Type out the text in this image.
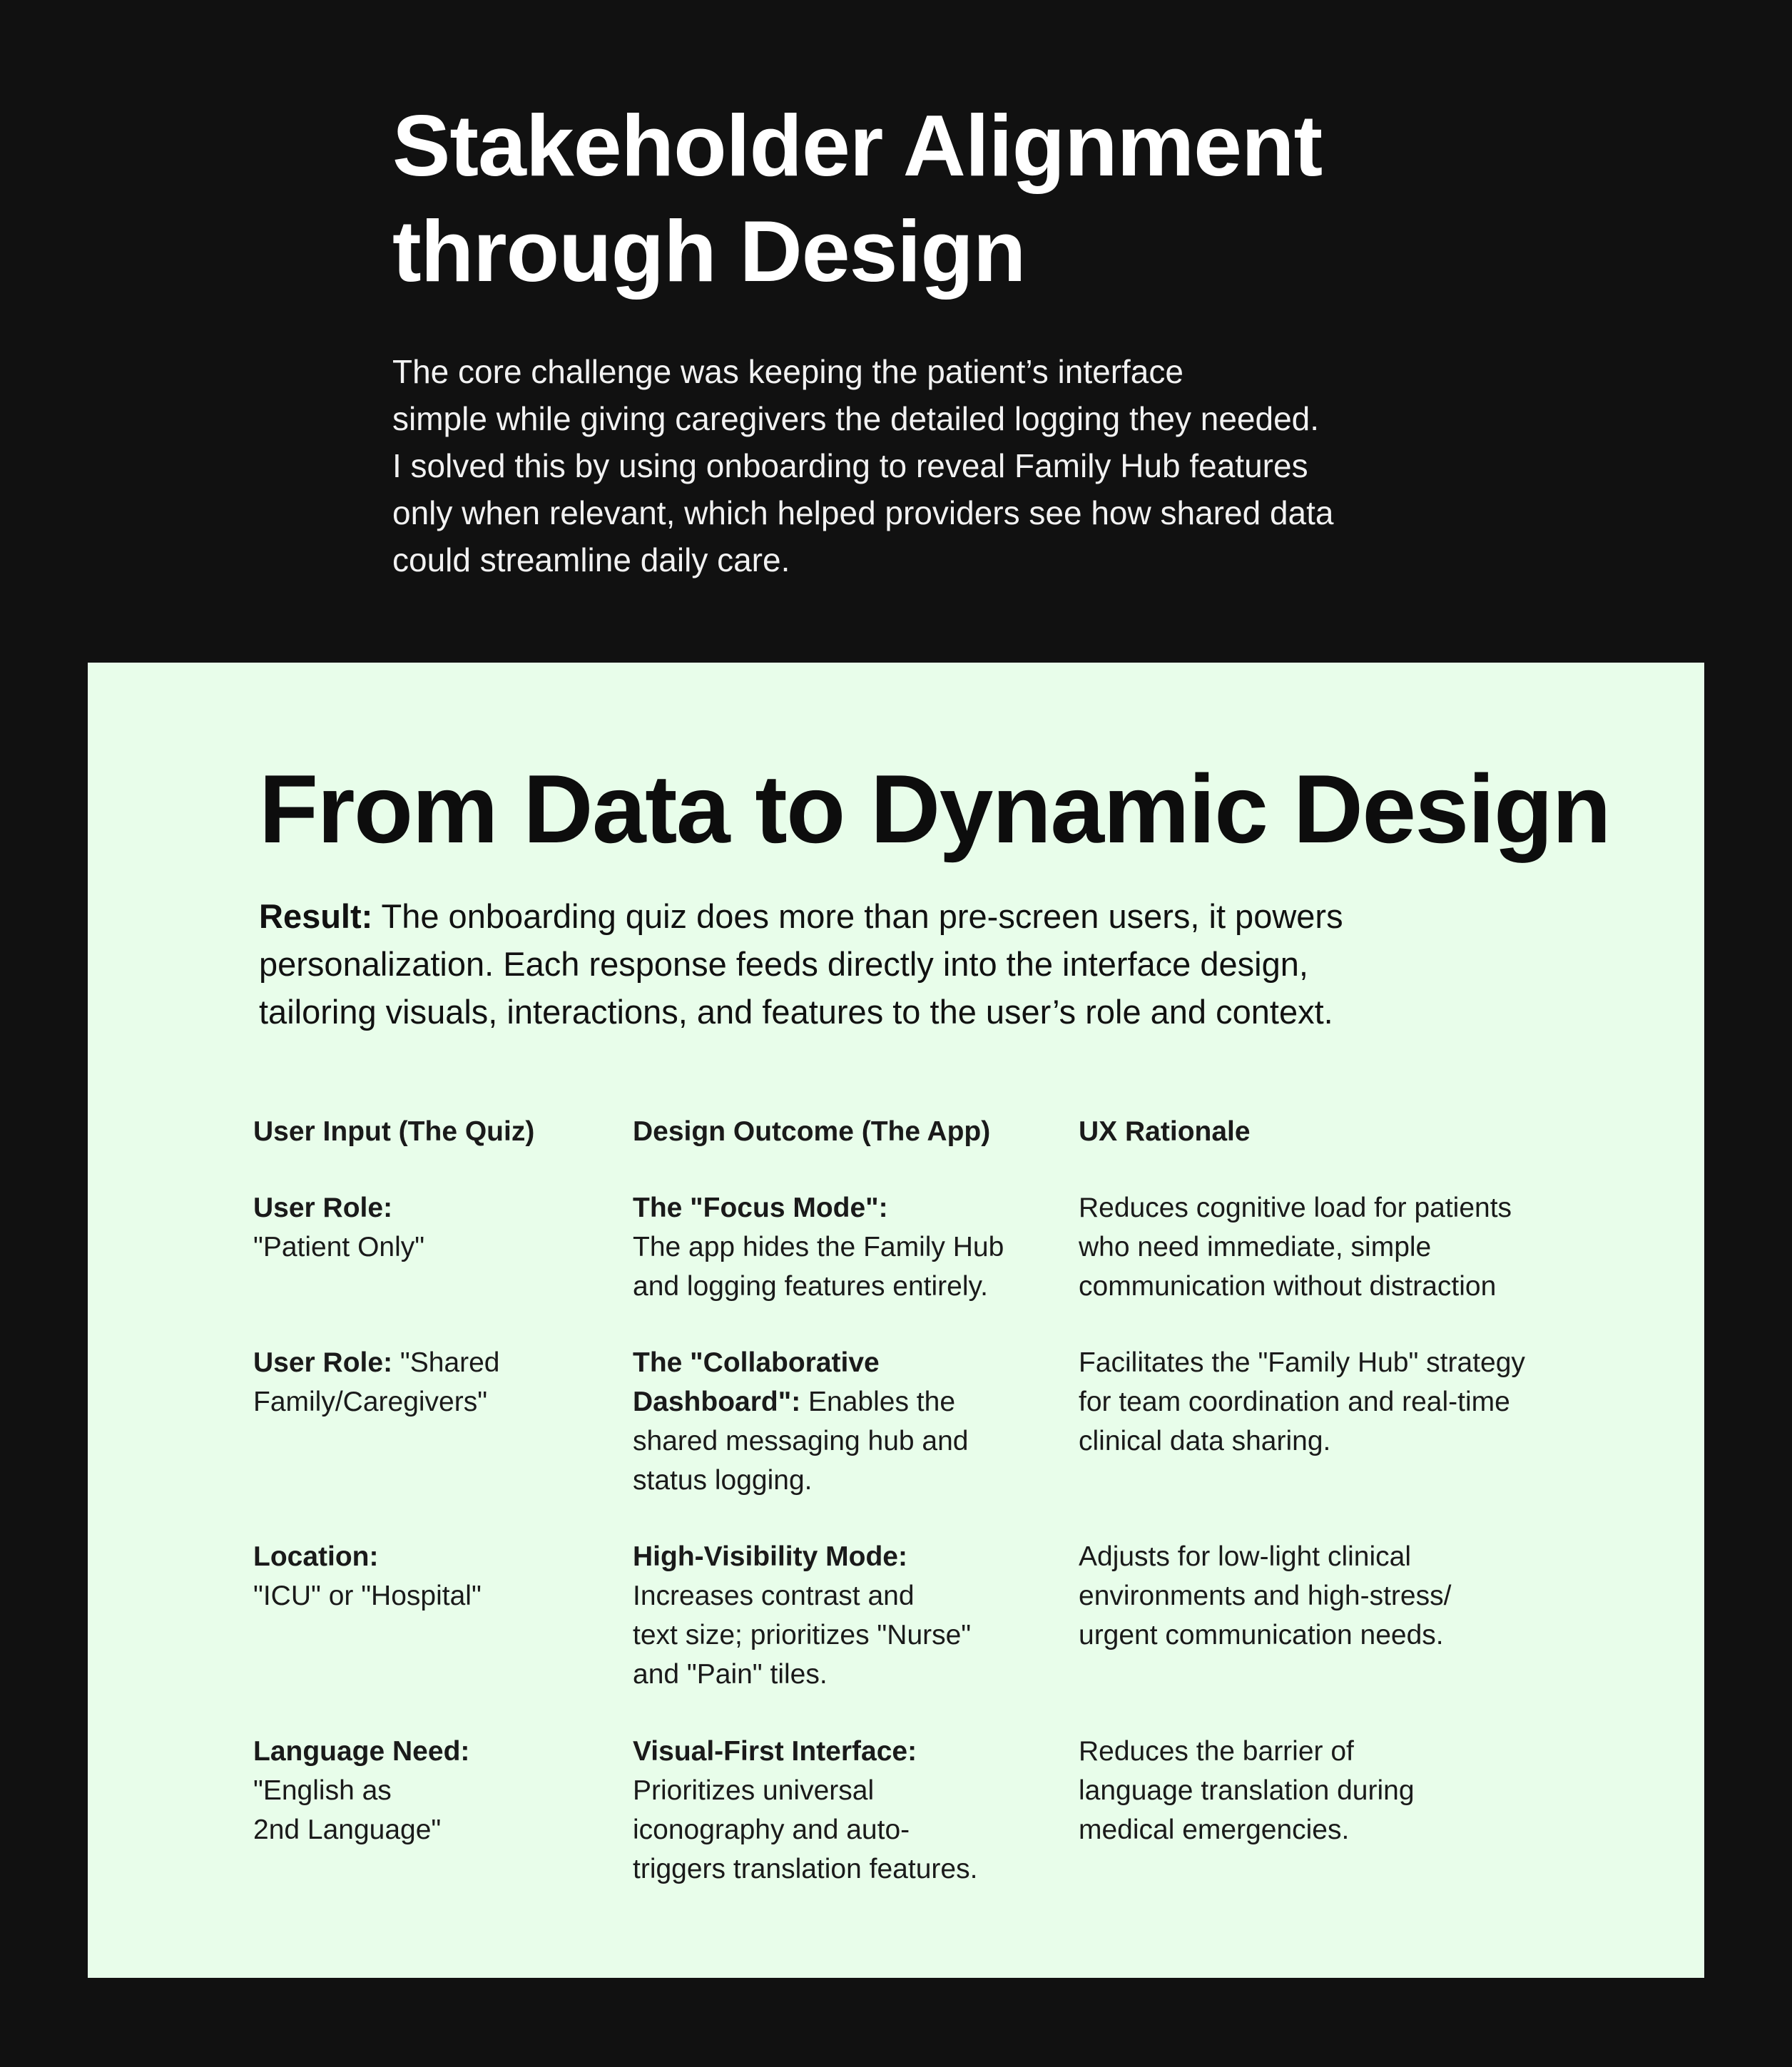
Stakeholder Alignment
through Design

The core challenge was keeping the patient’s interface
simple while giving caregivers the detailed logging they needed.
I solved this by using onboarding to reveal Family Hub features
only when relevant, which helped providers see how shared data
could streamline daily care.

From Data to Dynamic Design

Result: The onboarding quiz does more than pre-screen users, it powers
personalization. Each response feeds directly into the interface design,
tailoring visuals, interactions, and features to the user’s role and context.

User Input (The Quiz)	Design Outcome (The App)	UX Rationale
User Role:
"Patient Only"
The "Focus Mode":
The app hides the Family Hub
and logging features entirely.
Reduces cognitive load for patients
who need immediate, simple
communication without distraction
User Role: "Shared
Family/Caregivers"
The "Collaborative
Dashboard": Enables the
shared messaging hub and
status logging.
Facilitates the "Family Hub" strategy
for team coordination and real-time
clinical data sharing.
Location:
"ICU" or "Hospital"
High-Visibility Mode:
Increases contrast and
text size; prioritizes "Nurse"
and "Pain" tiles.
Adjusts for low-light clinical
environments and high-stress/
urgent communication needs.
Language Need:
"English as
2nd Language"
Visual-First Interface:
Prioritizes universal
iconography and auto-
triggers translation features.
Reduces the barrier of
language translation during
medical emergencies.
